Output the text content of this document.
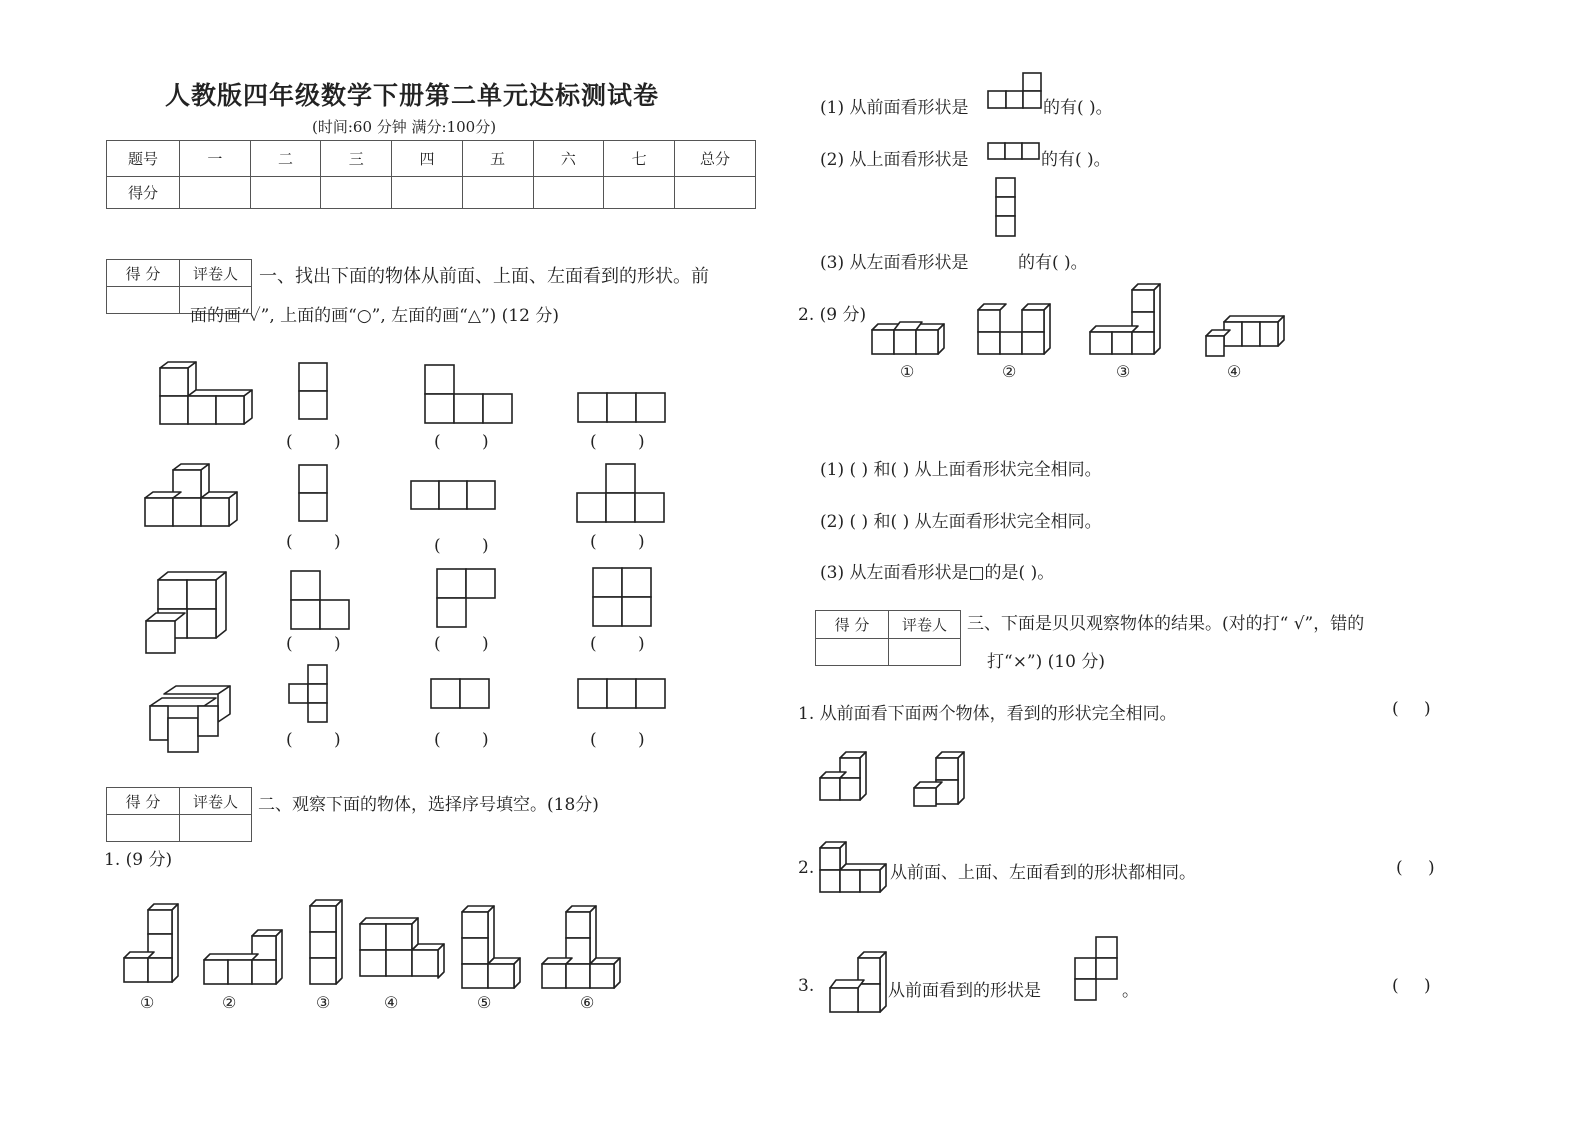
人教版四年级数学下册第二单元达标测试卷
(时间:60 分钟 满分:100分)
题号	一	二	三	四	五	六	七	总分
得分								
得 分	评卷人
	一、找出下面的物体从前面、上面、左面看到的形状。前
面的画“✓”, 上面的画“○”, 左面的画“△”) (12 分)
( )	( )	( )
( )	( )	( )
( )	( )	( )
( )	( )	( )
得 分	评卷人
	二、观察下面的物体，选择序号填空。(18分)
1. (9 分)
①	②	③	④	⑤	⑥
(1) 从前面看形状是	的有( )。
(2) 从上面看形状是	的有( )。
(3) 从左面看形状是	的有( )。
2. (9 分)
①	②	③	④
(1) ( ) 和( ) 从上面看形状完全相同。
(2) ( ) 和( ) 从左面看形状完全相同。
(3) 从左面看形状是□的是( )。
得 分	评卷人
	三、下面是贝贝观察物体的结果。(对的打“ √”，错的
打“×”) (10 分)
1. 从前面看下面两个物体，看到的形状完全相同。	( )
2.	从前面、上面、左面看到的形状都相同。	( )
3.	从前面看到的形状是	。	( )
